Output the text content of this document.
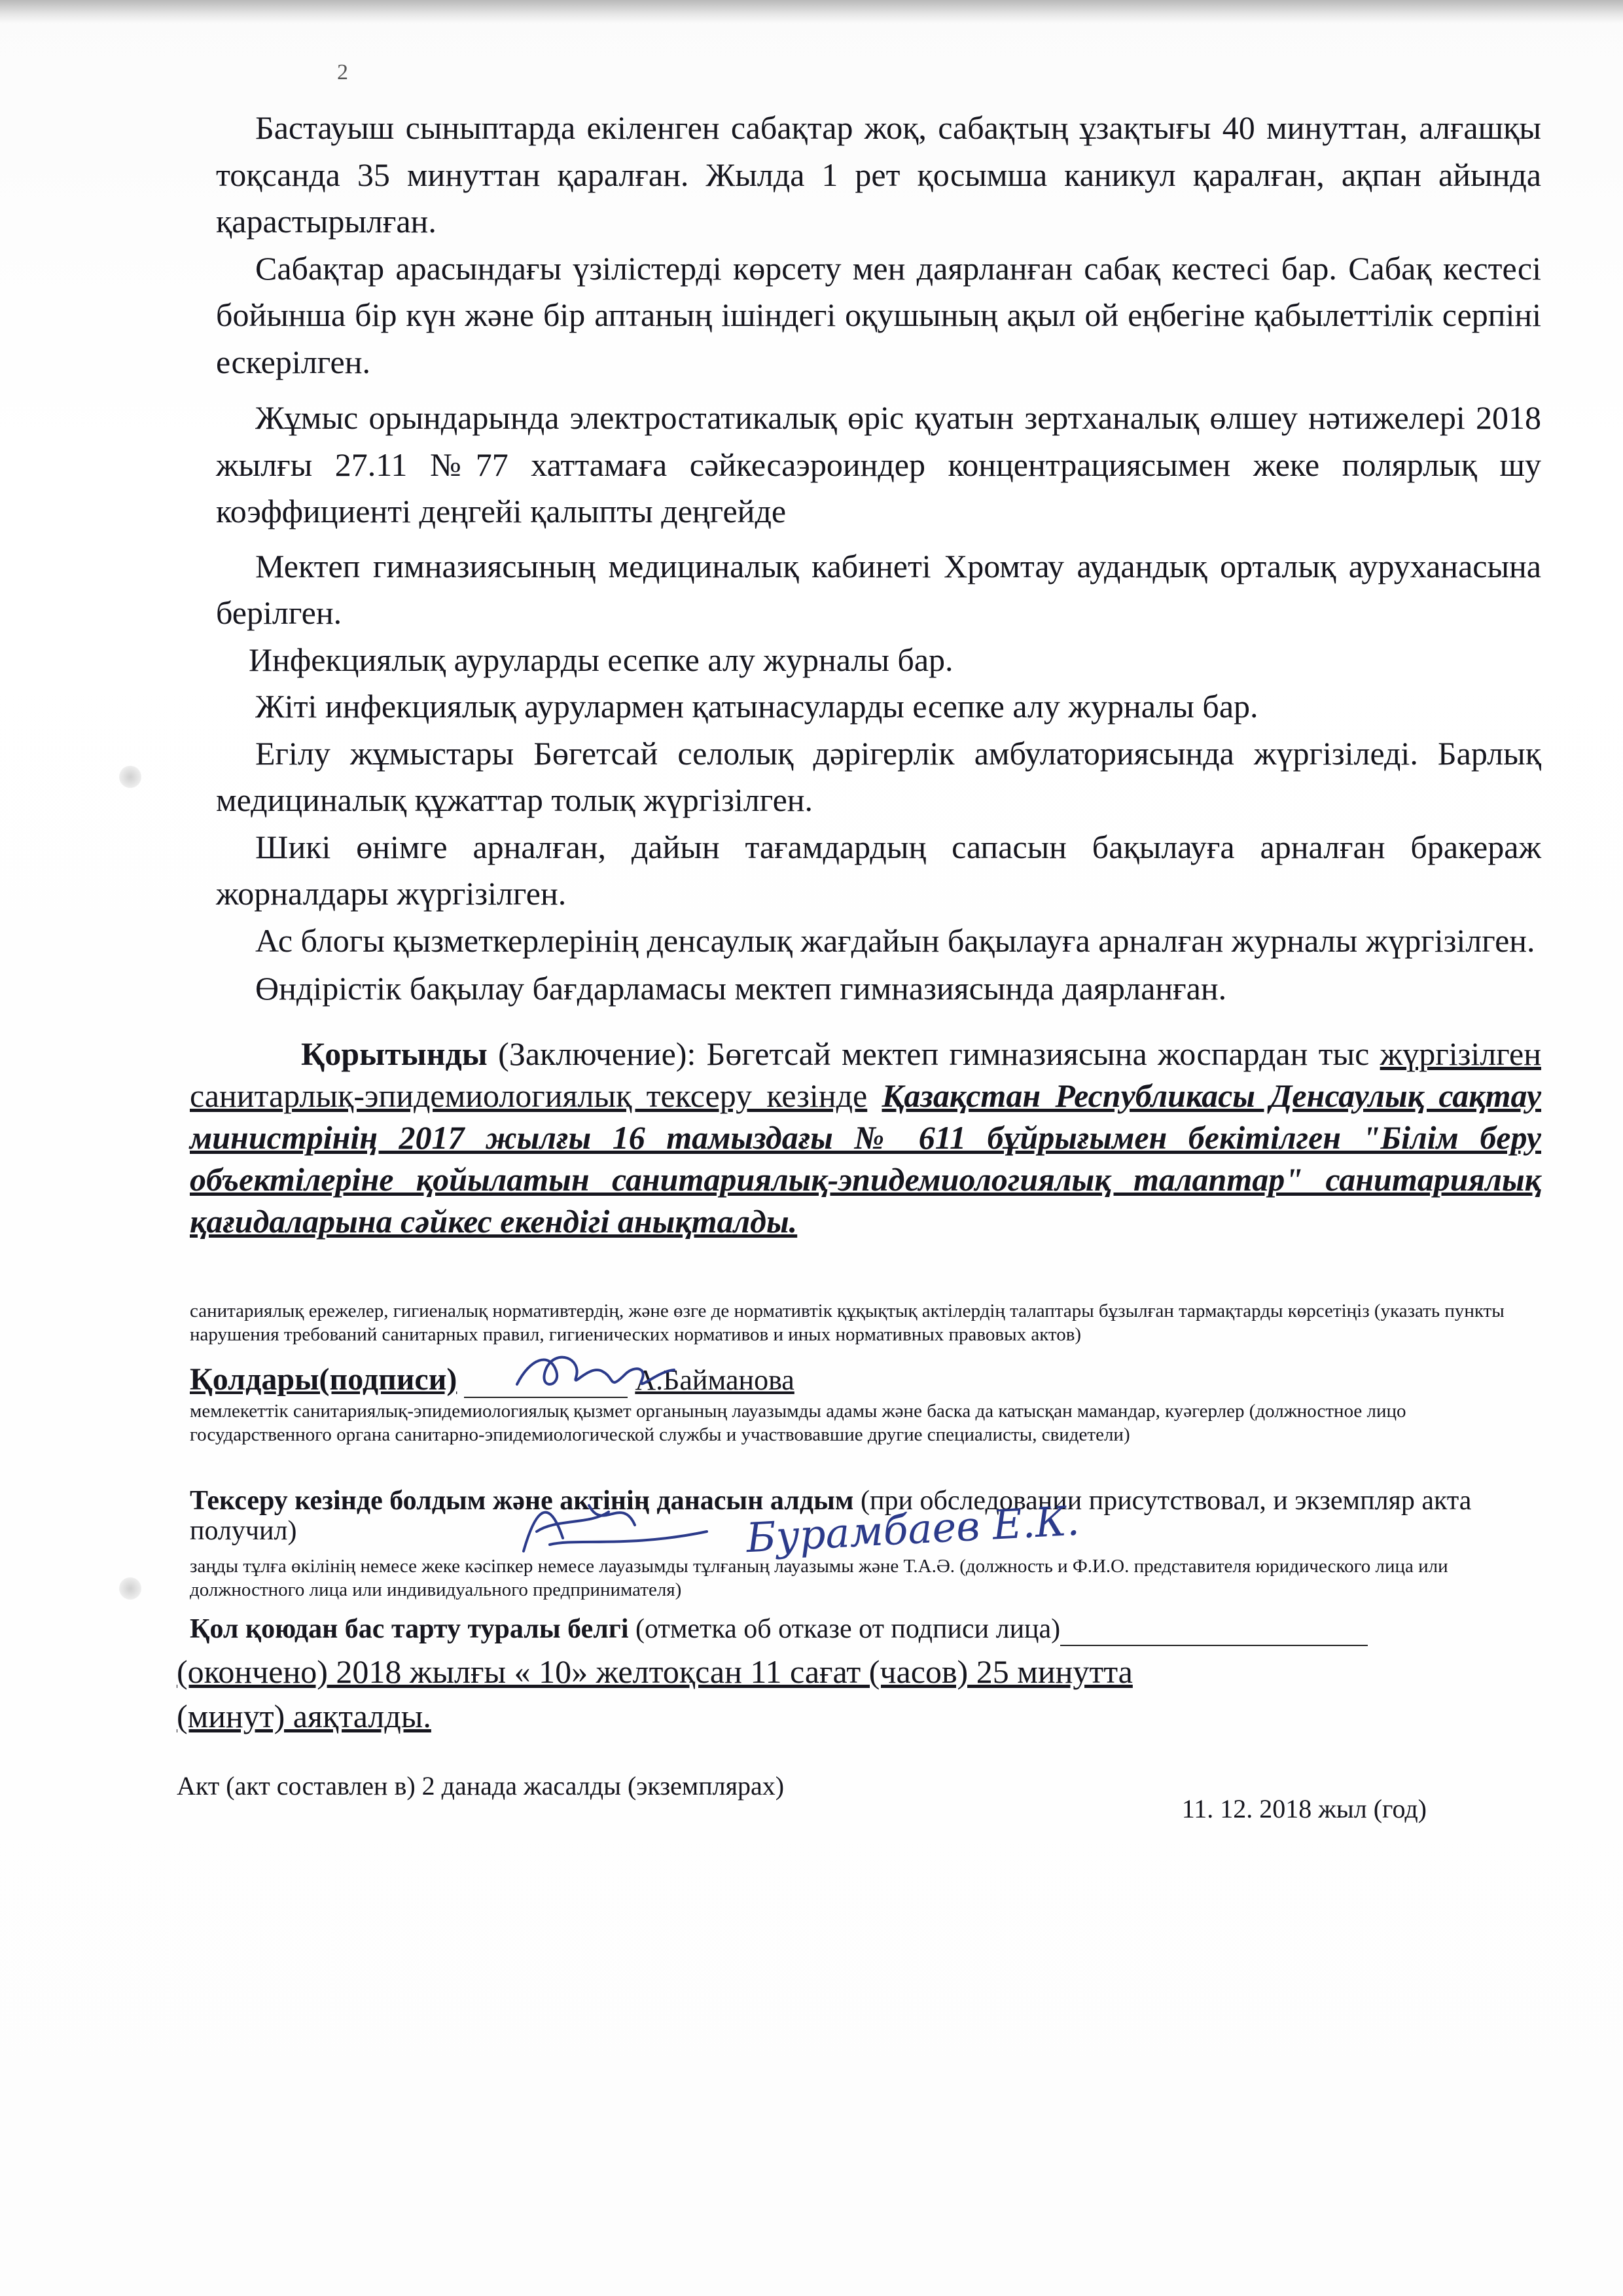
2

Бастауыш сыныптарда екіленген сабақтар жоқ, сабақтың ұзақтығы 40 минуттан, алғашқы тоқсанда 35 минуттан қаралған. Жылда 1 рет қосымша каникул қаралған, ақпан айында қарастырылған.

Сабақтар арасындағы үзілістерді көрсету мен даярланған сабақ кестесі бар. Сабақ кестесі бойынша бір күн және бір аптаның ішіндегі оқушының ақыл ой еңбегіне қабылеттілік серпіні ескерілген.

Жұмыс орындарында электростатикалық өріс қуатын зертханалық өлшеу нәтижелері 2018 жылғы 27.11 №77 хаттамаға сәйкесаэроиндер концентрациясымен жеке полярлық шу коэффициенті деңгейі қалыпты деңгейде

Мектеп гимназиясының медициналық кабинеті Хромтау аудандық орталық ауруханасына берілген.

Инфекциялық ауруларды есепке алу журналы бар.

Жіті инфекциялық аурулармен қатынасуларды есепке алу журналы бар.

Егілу жұмыстары Бөгетсай селолық дәрігерлік амбулаториясында жүргізіледі. Барлық медициналық құжаттар толық жүргізілген.

Шикі өнімге арналған, дайын тағамдардың сапасын бақылауға арналған бракераж жорналдары жүргізілген.

Ас блогы қызметкерлерінің денсаулық жағдайын бақылауға арналған журналы жүргізілген.

Өндірістік бақылау бағдарламасы мектеп гимназиясында даярланған.

Қорытынды (Заключение): Бөгетсай мектеп гимназиясына жоспардан тыс жүргізілген санитарлық-эпидемиологиялық тексеру кезінде Қазақстан Республикасы Денсаулық сақтау министрінің 2017 жылғы 16 тамыздағы № 611 бұйрығымен бекітілген "Білім беру объектілеріне қойылатын санитариялық-эпидемиологиялық талаптар" санитариялық қағидаларына сәйкес екендігі анықталды.
санитариялық ережелер, гигиеналық нормативтердің, және өзге де нормативтік құқықтық актілердің талаптары бұзылған тармақтарды көрсетіңіз (указать пункты нарушения требований санитарных правил, гигиенических нормативов и иных нормативных правовых актов)
Қолдары(подписи)	А.Байманова
мемлекеттік санитариялық-эпидемиологиялық қызмет органының лауазымды адамы және баска да катысқан мамандар, куәгерлер (должностное лицо государственного органа санитарно-эпидемиологической службы и участвовавшие другие специалисты, свидетели)
Тексеру кезінде болдым және актінің данасын алдым (при обследовании присутствовал, и экземпляр акта получил)	Бурамбаев Е.К.
заңды тұлға өкілінің немесе жеке кәсіпкер немесе лауазымды тұлғаның лауазымы және Т.А.Ә. (должность и Ф.И.О. представителя юридического лица или должностного лица или индивидуального предпринимателя)
Қол қоюдан бас тарту туралы белгі (отметка об отказе от подписи лица)
(окончено) 2018 жылғы « 10» желтоқсан 11 сағат (часов) 25 минутта
(минут) аяқталды.
Акт (акт составлен в) 2 данада жасалды (экземплярах)
11. 12. 2018 жыл (год)
